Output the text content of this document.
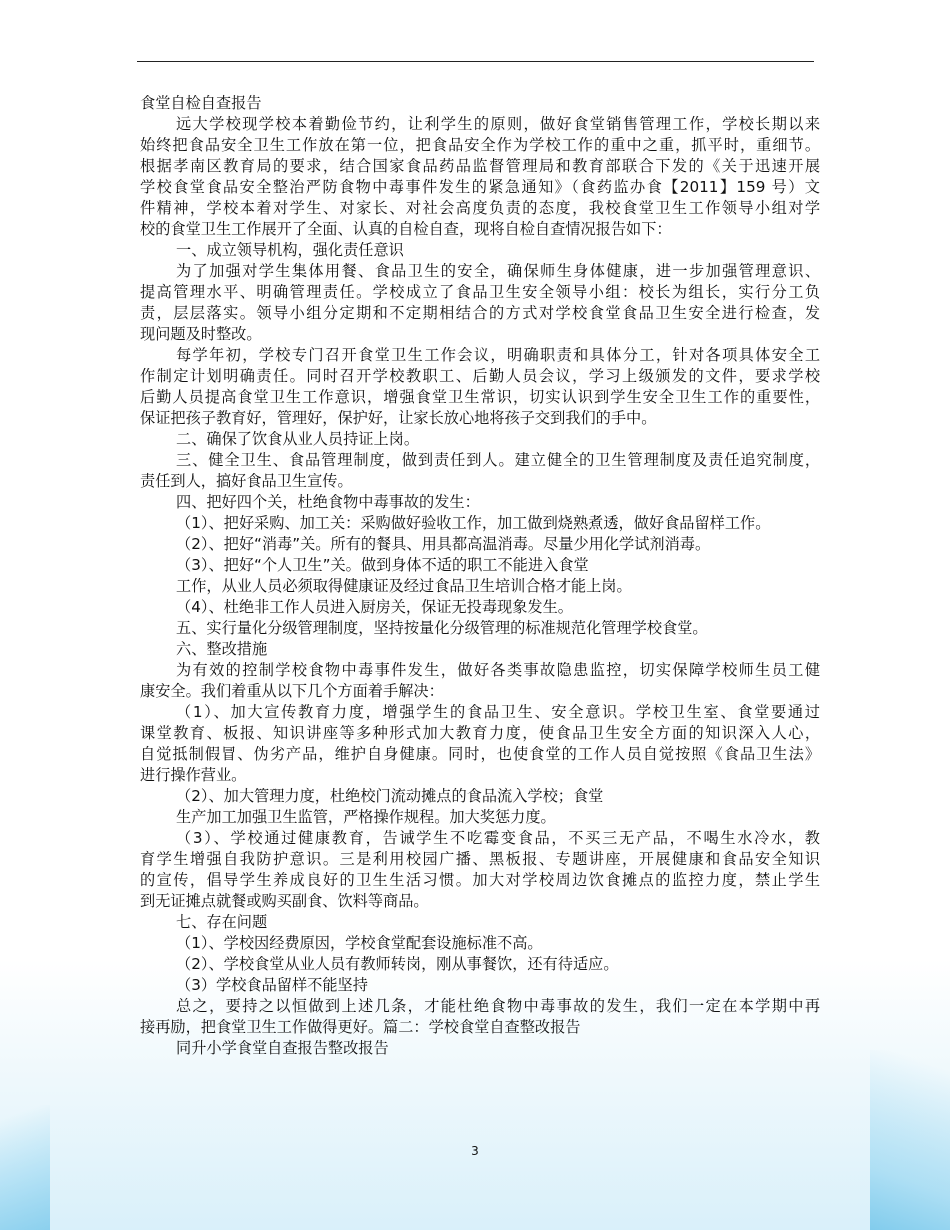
食堂自检自查报告
远大学校现学校本着勤俭节约，让利学生的原则，做好食堂销售管理工作，学校长期以来
始终把食品安全卫生工作放在第一位，把食品安全作为学校工作的重中之重，抓平时，重细节。
根据孝南区教育局的要求，结合国家食品药品监督管理局和教育部联合下发的《关于迅速开展
学校食堂食品安全整治严防食物中毒事件发生的紧急通知》（食药监办食【2011】159 号）文
件精神，学校本着对学生、对家长、对社会高度负责的态度，我校食堂卫生工作领导小组对学
校的食堂卫生工作展开了全面、认真的自检自查，现将自检自查情况报告如下：
一、成立领导机构，强化责任意识
为了加强对学生集体用餐、食品卫生的安全，确保师生身体健康，进一步加强管理意识、
提高管理水平、明确管理责任。学校成立了食品卫生安全领导小组：校长为组长，实行分工负
责，层层落实。领导小组分定期和不定期相结合的方式对学校食堂食品卫生安全进行检查，发
现问题及时整改。
每学年初，学校专门召开食堂卫生工作会议，明确职责和具体分工，针对各项具体安全工
作制定计划明确责任。同时召开学校教职工、后勤人员会议，学习上级颁发的文件，要求学校
后勤人员提高食堂卫生工作意识，增强食堂卫生常识，切实认识到学生安全卫生工作的重要性，
保证把孩子教育好，管理好，保护好，让家长放心地将孩子交到我们的手中。
二、确保了饮食从业人员持证上岗。
三、健全卫生、食品管理制度，做到责任到人。建立健全的卫生管理制度及责任追究制度，
责任到人，搞好食品卫生宣传。
四、把好四个关，杜绝食物中毒事故的发生：
（1）、把好采购、加工关：采购做好验收工作，加工做到烧熟煮透，做好食品留样工作。
（2）、把好“消毒”关。所有的餐具、用具都高温消毒。尽量少用化学试剂消毒。
（3）、把好“个人卫生”关。做到身体不适的职工不能进入食堂
工作，从业人员必须取得健康证及经过食品卫生培训合格才能上岗。
（4）、杜绝非工作人员进入厨房关，保证无投毒现象发生。
五、实行量化分级管理制度，坚持按量化分级管理的标准规范化管理学校食堂。
六、整改措施
为有效的控制学校食物中毒事件发生，做好各类事故隐患监控，切实保障学校师生员工健
康安全。我们着重从以下几个方面着手解决：
（1）、加大宣传教育力度，增强学生的食品卫生、安全意识。学校卫生室、食堂要通过
课堂教育、板报、知识讲座等多种形式加大教育力度，使食品卫生安全方面的知识深入人心，
自觉抵制假冒、伪劣产品，维护自身健康。同时，也使食堂的工作人员自觉按照《食品卫生法》
进行操作营业。
（2）、加大管理力度，杜绝校门流动摊点的食品流入学校；食堂
生产加工加强卫生监管，严格操作规程。加大奖惩力度。
（3）、学校通过健康教育，告诫学生不吃霉变食品，不买三无产品，不喝生水冷水，教
育学生增强自我防护意识。三是利用校园广播、黑板报、专题讲座，开展健康和食品安全知识
的宣传，倡导学生养成良好的卫生生活习惯。加大对学校周边饮食摊点的监控力度，禁止学生
到无证摊点就餐或购买副食、饮料等商品。
七、存在问题
（1）、学校因经费原因，学校食堂配套设施标准不高。
（2）、学校食堂从业人员有教师转岗，刚从事餐饮，还有待适应。
（3）学校食品留样不能坚持
总之，要持之以恒做到上述几条，才能杜绝食物中毒事故的发生，我们一定在本学期中再
接再励，把食堂卫生工作做得更好。篇二：学校食堂自查整改报告
同升小学食堂自查报告整改报告
3
